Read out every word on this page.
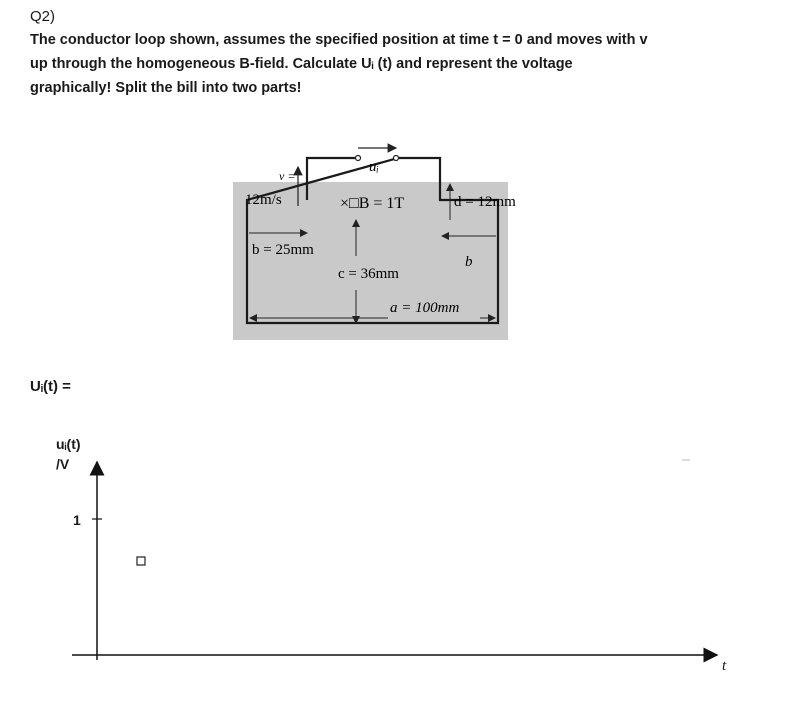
Q2)
The conductor loop shown, assumes the specified position at time t = 0 and moves with v
up through the homogeneous B-field. Calculate Uᵢ (t) and represent the voltage
graphically! Split the bill into two parts!
uᵢ
v =
12m/s	×□B = 1T	d = 12mm
b = 25mm
b
c = 36mm
a = 100mm
Uᵢ(t) =
uᵢ(t)
/V
1
t
